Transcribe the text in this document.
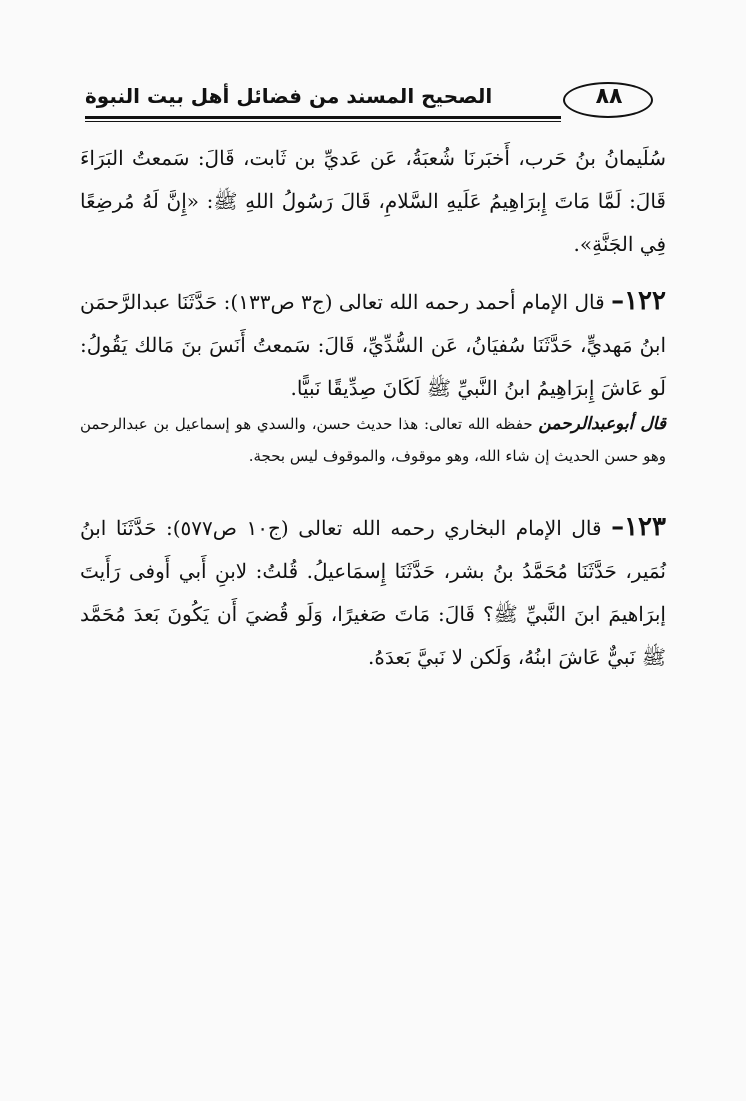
الصحيح المسند من فضائل أهل بيت النبوة	٨٨
سُلَيمانُ بنُ حَرب، أَخبَرنَا شُعبَةُ، عَن عَديِّ بن ثَابت، قَالَ: سَمعتُ البَرَاءَ قَالَ: لَمَّا مَاتَ إِبرَاهِيمُ عَلَيهِ السَّلامِ، قَالَ رَسُولُ اللهِ ﷺ: «إِنَّ لَهُ مُرضِعًا فِي الجَنَّةِ».
١٢٢– قال الإمام أحمد رحمه الله تعالى (ج٣ ص١٣٣): حَدَّثَنَا عبدالرَّحمَن ابنُ مَهديٍّ، حَدَّثَنَا سُفيَانُ، عَن السُّدِّيِّ، قَالَ: سَمعتُ أَنَسَ بنَ مَالك يَقُولُ: لَو عَاشَ إِبرَاهِيمُ ابنُ النَّبيِّ ﷺ لَكَانَ صِدِّيقًا نَبيًّا.
قال أبوعبدالرحمن حفظه الله تعالى: هذا حديث حسن، والسدي هو إسماعيل بن عبدالرحمن وهو حسن الحديث إن شاء الله، وهو موقوف، والموقوف ليس بحجة.
١٢٣– قال الإمام البخاري رحمه الله تعالى (ج١٠ ص٥٧٧): حَدَّثَنَا ابنُ نُمَير، حَدَّثَنَا مُحَمَّدُ بنُ بشر، حَدَّثَنَا إِسمَاعيلُ. قُلتُ: لابنِ أَبي أَوفى رَأَيتَ إبرَاهيمَ ابنَ النَّبيِّ ﷺ؟ قَالَ: مَاتَ صَغيرًا، وَلَو قُضيَ أَن يَكُونَ بَعدَ مُحَمَّد ﷺ نَبيٌّ عَاشَ ابنُهُ، وَلَكن لا نَبيَّ بَعدَهُ.
